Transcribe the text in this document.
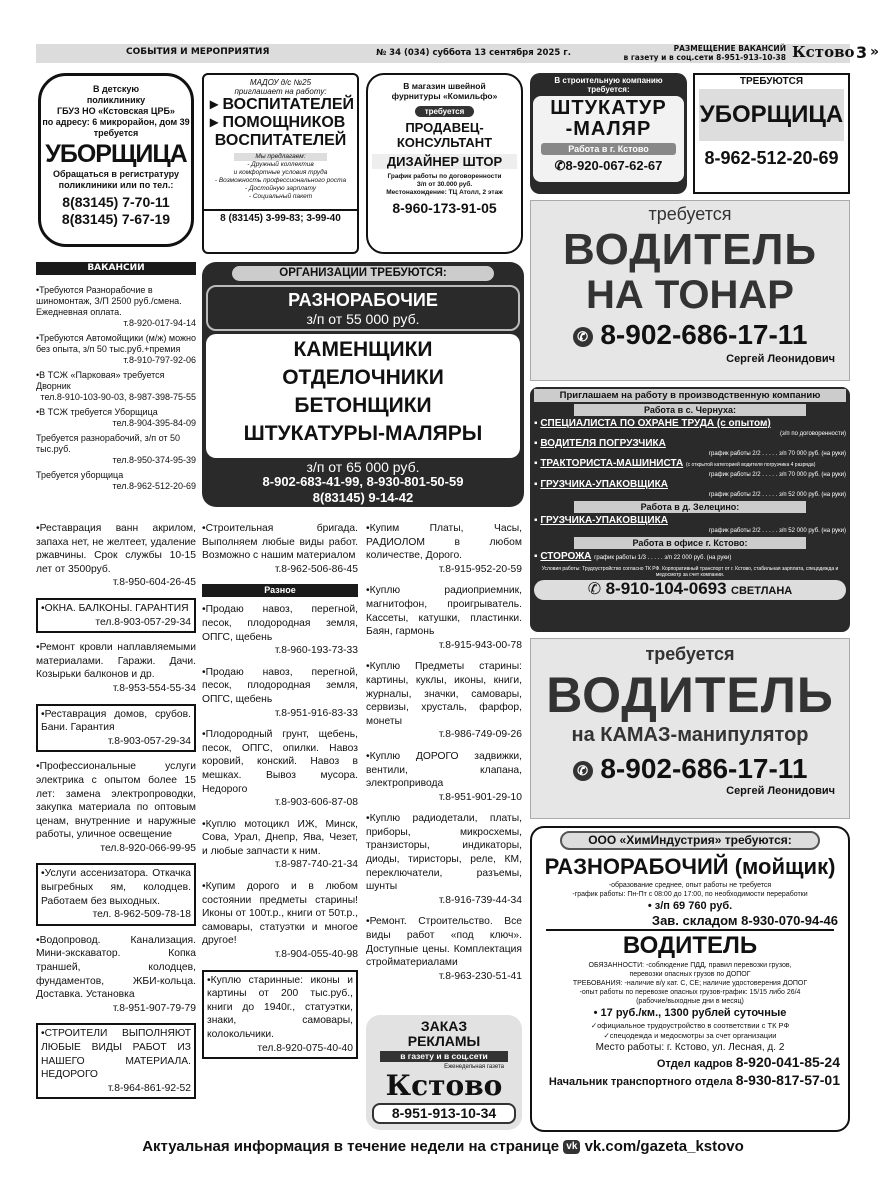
СОБЫТИЯ И МЕРОПРИЯТИЯ	№ 34 (034) суббота 13 сентября 2025 г.	РАЗМЕЩЕНИЕ ВАКАНСИЙ
в газету и в соц.сети 8-951-913-10-38 Кстово 3 »
В детскую
поликлинику
ГБУЗ НО «Кстовская ЦРБ»
по адресу: 6 микрорайон, дом 39
требуется
УБОРЩИЦА
Обращаться в регистратуру
поликлиники или по тел.:
8(83145) 7-70-11
8(83145) 7-67-19
МАДОУ д/с №25
приглашает на работу:
▸ ВОСПИТАТЕЛЕЙ
▸ ПОМОЩНИКОВ
ВОСПИТАТЕЛЕЙ
Мы предлагаем:
- Дружный коллектив
и комфортные условия труда
- Возможность профессионального роста
- Достойную зарплату
- Социальный пакет
8 (83145) 3-99-83; 3-99-40
В магазин швейной
фурнитуры «Комильфо»
требуется
ПРОДАВЕЦ-
КОНСУЛЬТАНТ
ДИЗАЙНЕР ШТОР
График работы по договоренности
З/п от 30.000 руб.
Местонахождение: ТЦ Атолл, 2 этаж
8-960-173-91-05
В строительную компанию
требуется:
ШТУКАТУР
-МАЛЯР
Работа в г. Кстово
✆8-920-067-62-67
ТРЕБУЮТСЯ
УБОРЩИЦА
8-962-512-20-69
требуется
ВОДИТЕЛЬ
НА ТОНАР
✆ 8-902-686-17-11
Сергей Леонидович
ВАКАНСИИ
•Требуются Разнорабочие в шиномонтаж, З/П 2500 руб./смена. Ежедневная оплата.
т.8-920-017-94-14
•Требуются Автомойщики (м/ж) можно без опыта, з/п 50 тыс.руб.+премия
т.8-910-797-92-06
•В ТСЖ «Парковая» требуется Дворник
тел.8-910-103-90-03, 8-987-398-75-55
•В ТСЖ требуется Уборщица
тел.8-904-395-84-09
Требуется разнорабочий, з/п от 50 тыс.руб.
тел.8-950-374-95-39
Требуется уборщица
тел.8-962-512-20-69
ОРГАНИЗАЦИИ ТРЕБУЮТСЯ:
РАЗНОРАБОЧИЕ
з/п от 55 000 руб.
КАМЕНЩИКИ
ОТДЕЛОЧНИКИ
БЕТОНЩИКИ
ШТУКАТУРЫ-МАЛЯРЫ
з/п от 65 000 руб.
8-902-683-41-99, 8-930-801-50-59
8(83145) 9-14-42
Приглашаем на работу в производственную компанию
Работа в с. Чернуха:
▪ СПЕЦИАЛИСТА ПО ОХРАНЕ ТРУДА (с опытом)
(з/п по договоренности)
▪ ВОДИТЕЛЯ ПОГРУЗЧИКА
график работы 2/2 . . . . . з/п 70 000 руб. (на руки)
▪ ТРАКТОРИСТА-МАШИНИСТА (с открытой категорией водителя погрузчика 4 разряда)
график работы 2/2 . . . . . з/п 70 000 руб. (на руки)
▪ ГРУЗЧИКА-УПАКОВЩИКА
график работы 2/2 . . . . . з/п 52 000 руб. (на руки)
Работа в д. Зелецино:
▪ ГРУЗЧИКА-УПАКОВЩИКА
график работы 2/2 . . . . . з/п 52 000 руб. (на руки)
Работа в офисе г. Кстово:
▪ СТОРОЖА график работы 1/3 . . . . . з/п 22 000 руб. (на руки)
Условия работы: Трудоустройство согласно ТК РФ. Корпоративный транспорт от г. Кстово, стабильная зарплата, спецодежда и медосмотр за счет компании.
✆ 8-910-104-0693 СВЕТЛАНА
•Реставрация ванн акрилом, запаха нет, не желтеет, удаление ржавчины. Срок службы 10-15 лет от 3500руб.
т.8-950-604-26-45
•ОКНА. БАЛКОНЫ. ГАРАНТИЯ
тел.8-903-057-29-34
•Ремонт кровли наплавляемыми материалами. Гаражи. Дачи. Козырьки балконов и др.
т.8-953-554-55-34
•Реставрация домов, срубов. Бани. Гарантия
т.8-903-057-29-34
•Профессиональные услуги электрика с опытом более 15 лет: замена электропроводки, закупка материала по оптовым ценам, внутренние и наружные работы, уличное освещение
тел.8-920-066-99-95
•Услуги ассенизатора. Откачка выгребных ям, колодцев. Работаем без выходных.
тел. 8-962-509-78-18
•Водопровод. Канализация. Мини-экскаватор. Копка траншей, колодцев, фундаментов, ЖБИ-кольца. Доставка. Установка
т.8-951-907-79-79
•СТРОИТЕЛИ ВЫПОЛНЯЮТ ЛЮБЫЕ ВИДЫ РАБОТ ИЗ НАШЕГО МАТЕРИАЛА. НЕДОРОГО
т.8-964-861-92-52
•Строительная бригада. Выполняем любые виды работ. Возможно с нашим материалом
т.8-962-506-86-45
Разное
•Продаю навоз, перегной, песок, плодородная земля, ОПГС, щебень
т.8-960-193-73-33
•Продаю навоз, перегной, песок, плодородная земля, ОПГС, щебень
т.8-951-916-83-33
•Плодородный грунт, щебень, песок, ОПГС, опилки. Навоз коровий, конский. Навоз в мешках. Вывоз мусора. Недорого
т.8-903-606-87-08
•Куплю мотоцикл ИЖ, Минск, Сова, Урал, Днепр, Ява, Чезет, и любые запчасти к ним.
т.8-987-740-21-34
•Купим дорого и в любом состоянии предметы старины! Иконы от 100т.р., книги от 50т.р., самовары, статуэтки и многое другое!
т.8-904-055-40-98
•Куплю старинные: иконы и картины от 200 тыс.руб., книги до 1940г., статуэтки, знаки, самовары, колокольчики.
тел.8-920-075-40-40
•Купим Платы, Часы, РАДИОЛОМ в любом количестве, Дорого.
т.8-915-952-20-59
•Куплю радиоприемник, магнитофон, проигрыватель. Кассеты, катушки, пластинки. Баян, гармонь
т.8-915-943-00-78
•Куплю Предметы старины: картины, куклы, иконы, книги, журналы, значки, самовары, сервизы, хрусталь, фарфор, монеты
т.8-986-749-09-26
•Куплю ДОРОГО задвижки, вентили, клапана, электропривода
т.8-951-901-29-10
•Куплю радиодетали, платы, приборы, микросхемы, транзисторы, индикаторы, диоды, тиристоры, реле, КМ, переключатели, разъемы, шунты
т.8-916-739-44-34
•Ремонт. Строительство. Все виды работ «под ключ». Доступные цены. Комплектация стройматериалами
т.8-963-230-51-41
ЗАКАЗ
РЕКЛАМЫ
в газету и в соц.сети
Еженедельная газета
Кстово
8-951-913-10-34
требуется
ВОДИТЕЛЬ
на КАМАЗ-манипулятор
✆ 8-902-686-17-11
Сергей Леонидович
ООО «ХимИндустрия» требуются:
РАЗНОРАБОЧИЙ (мойщик)
-образование среднее, опыт работы не требуется
-график работы: Пн-Пт с 08:00 до 17:00, по необходимости переработки
• з/п 69 760 руб.
Зав. складом 8-930-070-94-46
ВОДИТЕЛЬ
ОБЯЗАННОСТИ: -соблюдение ПДД, правил перевозки грузов,
перевозки опасных грузов по ДОПОГ
ТРЕБОВАНИЯ: -наличие в/у кат. С, СЕ; наличие удостоверения ДОПОГ
-опыт работы по перевозке опасных грузов-график: 15/15 либо 26/4
(рабочие/выходные дни в месяц)
• 17 руб./км., 1300 рублей суточные
✓официальное трудоустройство в соответствии с ТК РФ
✓спецодежда и медосмотры за счет организации
Место работы: г. Кстово, ул. Лесная, д. 2
Отдел кадров 8-920-041-85-24
Начальник транспортного отдела 8-930-817-57-01
Актуальная информация в течение недели на странице vk vk.com/gazeta_kstovo
